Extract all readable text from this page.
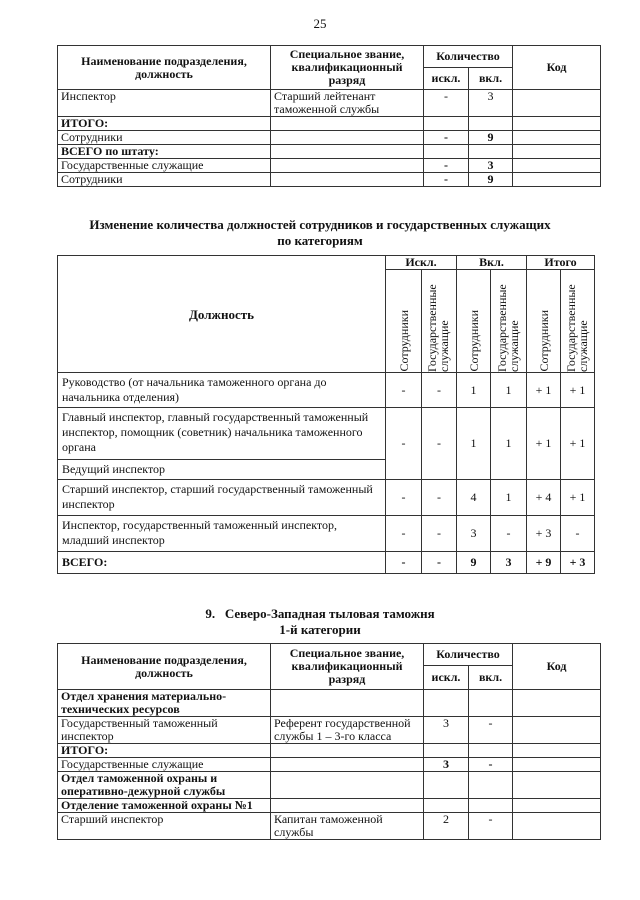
25
Наименование подразделения, должность	Специальное звание, квалификационный разряд	Количество		Код
		искл.	вкл.	
Инспектор	Старший лейтенант таможенной службы	-	3	
ИТОГО:				
Сотрудники		-	9	
ВСЕГО по штату:				
Государственные служащие		-	3	
Сотрудники		-	9	
Изменение количества должностей сотрудников и государственных служащих
по категориям
Должность	Искл.		Вкл.		Итого	

	Сотрудники	Государственные служащие	Сотрудники	Государственные служащие	Сотрудники	Государственные служащие

Руководство (от начальника таможенного органа до начальника отделения)	-	-	1	1	+ 1	+ 1
Главный инспектор, главный государственный таможенный инспектор, помощник (советник) начальника таможенного органа	-	-	1	1	+ 1	+ 1
Ведущий инспектор						
Старший инспектор, старший государственный таможенный инспектор	-	-	4	1	+ 4	+ 1
Инспектор, государственный таможенный инспектор, младший инспектор	-	-	3	-	+ 3	-
ВСЕГО:	-	-	9	3	+ 9	+ 3
9.   Северо-Западная тыловая таможня
1-й категории
Наименование подразделения, должность	Специальное звание, квалификационный разряд	Количество		Код
		искл.	вкл.	
Отдел хранения материально-технических ресурсов				
Государственный таможенный инспектор	Референт государственной службы 1 – 3-го класса	3	-	
ИТОГО:				
Государственные служащие		3	-	
Отдел таможенной охраны и оперативно-дежурной службы				
Отделение таможенной охраны №1				
Старший инспектор	Капитан таможенной службы	2	-	
